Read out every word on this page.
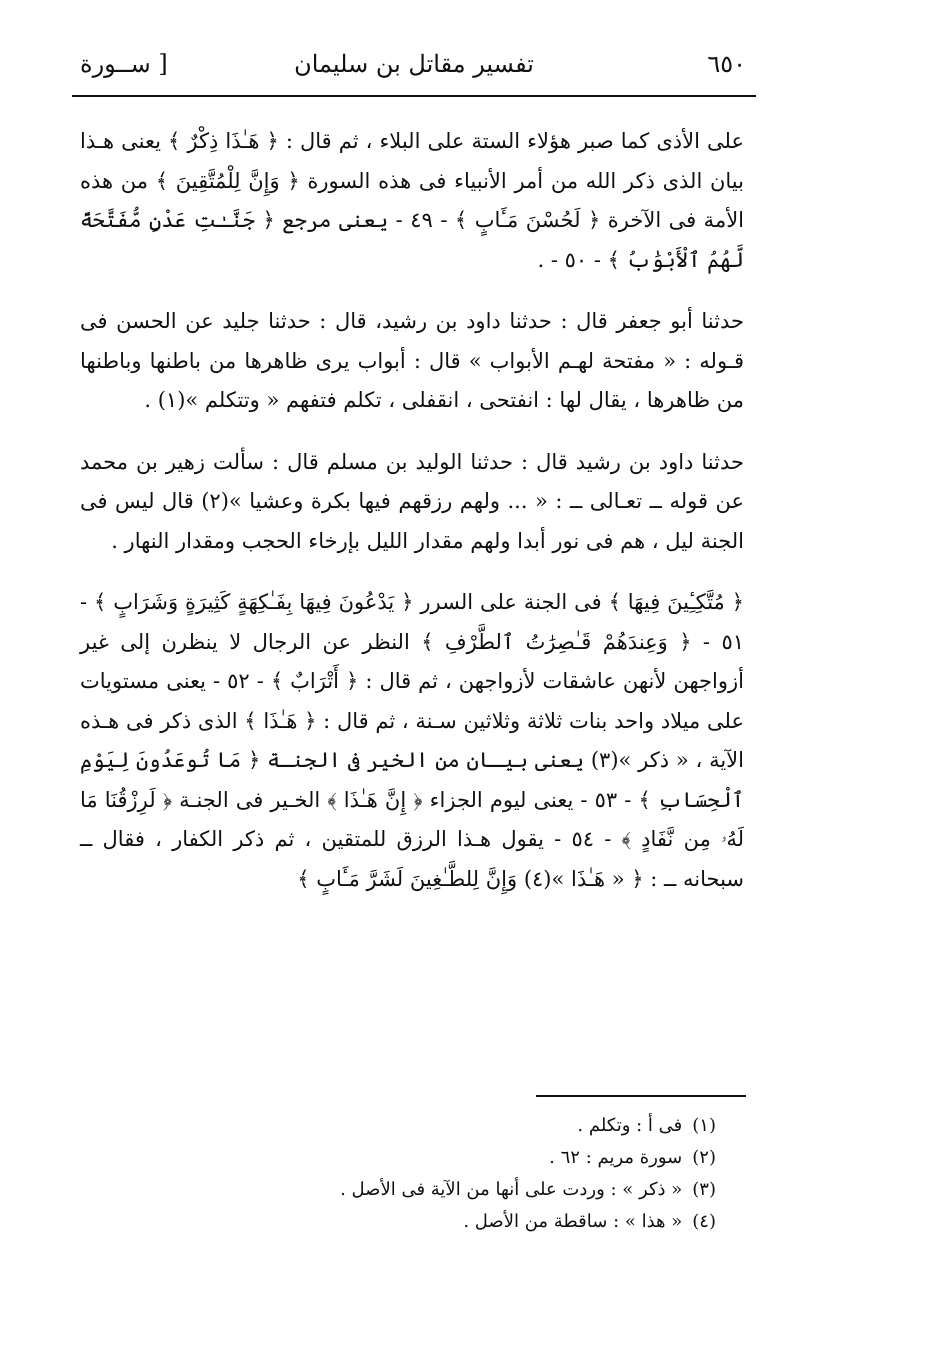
٦٥٠
تفسير مقاتل بن سليمان
[ ســورة

على الأذى كما صبر هؤلاء الستة على البلاء ، ثم قال : ﴿ هَـٰذَا ذِكْرٌ ﴾ يعنى هـذا بيان الذى ذكر الله من أمر الأنبياء فى هذه السورة ﴿ وَإِنَّ لِلْمُتَّقِينَ ﴾ من هذه الأمة فى الآخرة ﴿ لَحُسْنَ مَـَٔابٍ ﴾ - ٤٩ - يعنى مرجع ﴿ جَنَّـٰتِ عَدْنٍ مُّفَتَّحَةً لَّهُمُ ٱلْأَبْوَٰبُ ﴾ - ٥٠ - .

حدثنا أبو جعفر قال : حدثنا داود بن رشيد، قال : حدثنا جليد عن الحسن فى قـوله : « مفتحة لهـم الأبواب » قال : أبواب يرى ظاهرها من باطنها وباطنها من ظاهرها ، يقال لها : انفتحى ، انقفلى ، تكلم فتفهم « وتتكلم »(١) .

حدثنا داود بن رشيد قال : حدثنا الوليد بن مسلم قال : سألت زهير بن محمد عن قوله ــ تعـالى ــ : « ... ولهم رزقهم فيها بكرة وعشيا »(٢) قال ليس فى الجنة ليل ، هم فى نور أبدا ولهم مقدار الليل بإرخاء الحجب ومقدار النهار .

﴿ مُتَّكِـِٔينَ فِيهَا ﴾ فى الجنة على السرر ﴿ يَدْعُونَ فِيهَا بِفَـٰكِهَةٍ كَثِيرَةٍ وَشَرَابٍ ﴾ - ٥١ - ﴿ وَعِندَهُمْ قَـٰصِرَٰتُ ٱلطَّرْفِ ﴾ النظر عن الرجال لا ينظرن إلى غير أزواجهن لأنهن عاشقات لأزواجهن ، ثم قال : ﴿ أَتْرَابٌ ﴾ - ٥٢ - يعنى مستويات على ميلاد واحد بنات ثلاثة وثلاثين سـنة ، ثم قال : ﴿ هَـٰذَا ﴾ الذى ذكر فى هـذه الآية ، « ذكر »(٣) يعنى بيـان من الخير فى الجنـة ﴿ مَا تُوعَدُونَ لِيَوْمِ ٱلْحِسَابِ ﴾ - ٥٣ - يعنى ليوم الجزاء ﴿ إِنَّ هَـٰذَا ﴾ الخـير فى الجنـة ﴿ لَرِزْقُنَا مَا لَهُۥ مِن نَّفَادٍ ﴾ - ٥٤ - يقول هـذا الرزق للمتقين ، ثم ذكر الكفار ، فقال ــ سبحانه ــ : ﴿ « هَـٰذَا »(٤) وَإِنَّ لِلطَّـٰغِينَ لَشَرَّ مَـَٔابٍ ﴾

(١)فى أ : وتكلم .
(٢)سورة مريم : ٦٢ .
(٣)« ذكر » : وردت على أنها من الآية فى الأصل .
(٤)« هذا » : ساقطة من الأصل .
